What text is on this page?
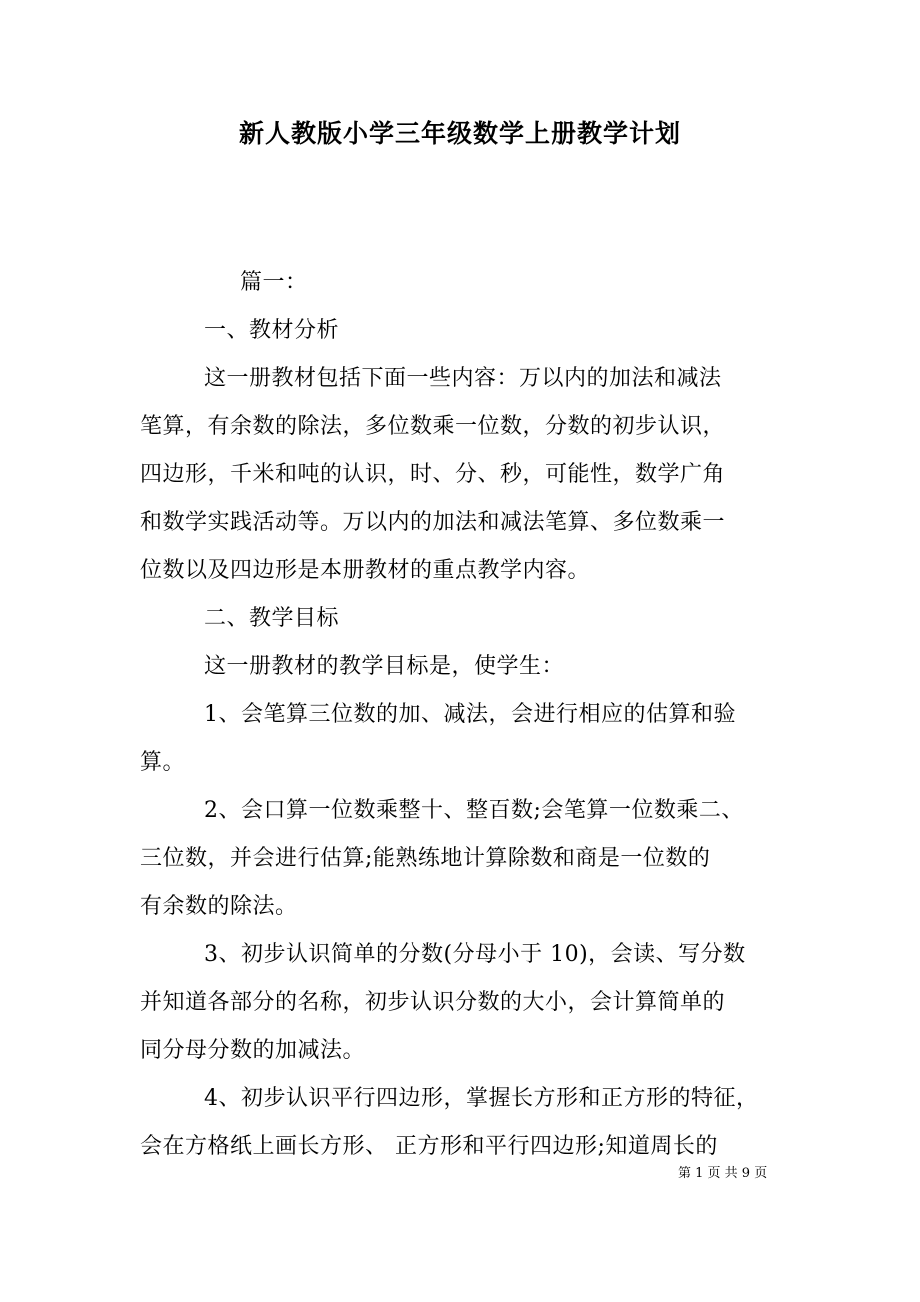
新人教版小学三年级数学上册教学计划
篇一：
一、教材分析
这一册教材包括下面一些内容：万以内的加法和减法
笔算，有余数的除法，多位数乘一位数，分数的初步认识，
四边形，千米和吨的认识，时、分、秒，可能性，数学广角
和数学实践活动等。万以内的加法和减法笔算、多位数乘一
位数以及四边形是本册教材的重点教学内容。
二、教学目标
这一册教材的教学目标是，使学生：
1、会笔算三位数的加、减法，会进行相应的估算和验
算。
2、会口算一位数乘整十、整百数;会笔算一位数乘二、
三位数，并会进行估算;能熟练地计算除数和商是一位数的
有余数的除法。
3、初步认识简单的分数(分母小于 10)，会读、写分数
并知道各部分的名称，初步认识分数的大小，会计算简单的
同分母分数的加减法。
4、初步认识平行四边形，掌握长方形和正方形的特征，
会在方格纸上画长方形、 正方形和平行四边形;知道周长的
第 1 页 共 9 页
